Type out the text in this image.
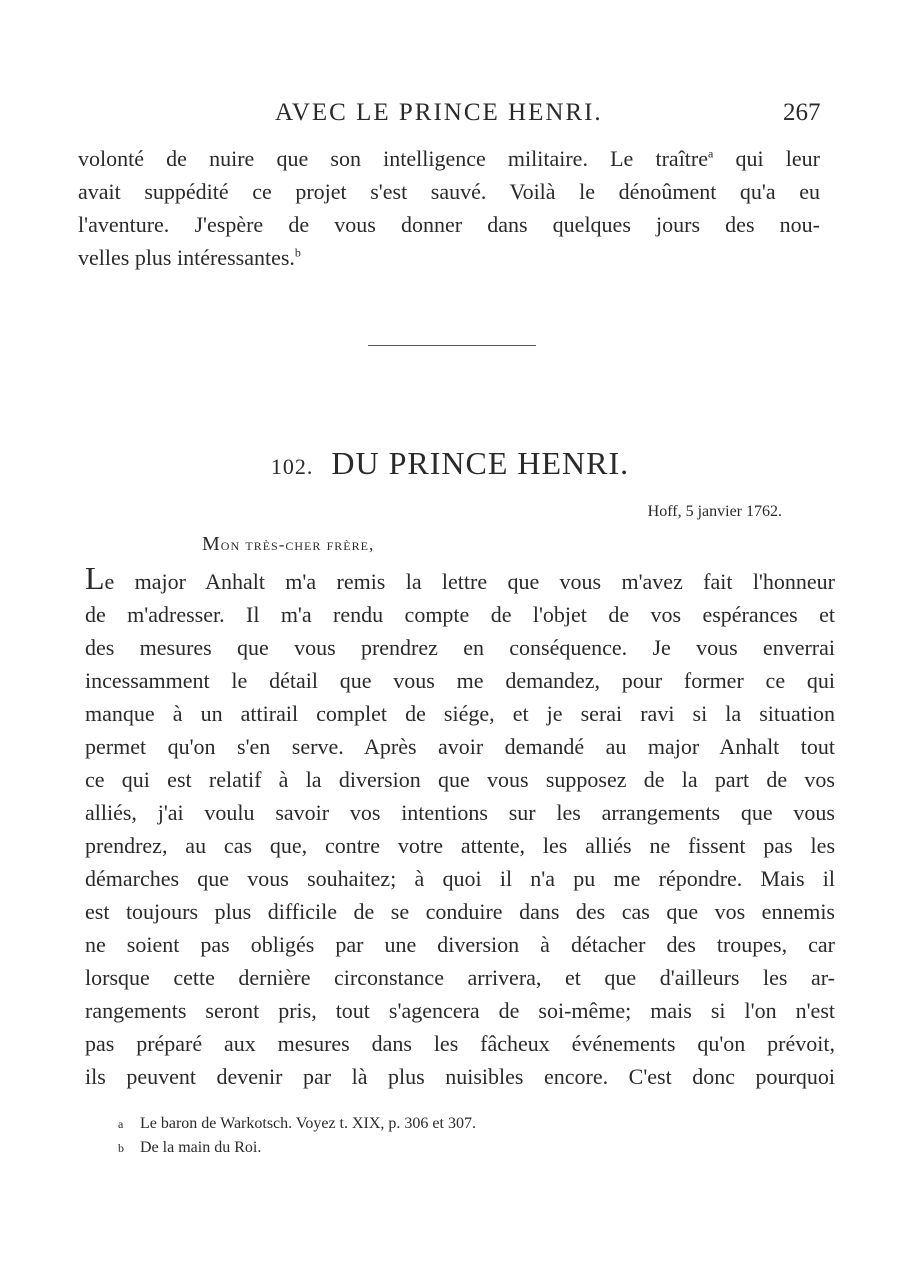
AVEC LE PRINCE HENRI.	267
volonté de nuire que son intelligence militaire. Le traître$^a$ qui leur
avait suppédité ce projet s'est sauvé. Voilà le dénoûment qu'a eu
l'aventure. J'espère de vous donner dans quelques jours des nou-
velles plus intéressantes.$^b$
102. DU PRINCE HENRI.
Hoff, 5 janvier 1762.
Mon très-cher frère,
Le major Anhalt m'a remis la lettre que vous m'avez fait l'honneur
de m'adresser. Il m'a rendu compte de l'objet de vos espérances et
des mesures que vous prendrez en conséquence. Je vous enverrai
incessamment le détail que vous me demandez, pour former ce qui
manque à un attirail complet de siége, et je serai ravi si la situation
permet qu'on s'en serve. Après avoir demandé au major Anhalt tout
ce qui est relatif à la diversion que vous supposez de la part de vos
alliés, j'ai voulu savoir vos intentions sur les arrangements que vous
prendrez, au cas que, contre votre attente, les alliés ne fissent pas les
démarches que vous souhaitez; à quoi il n'a pu me répondre. Mais il
est toujours plus difficile de se conduire dans des cas que vos ennemis
ne soient pas obligés par une diversion à détacher des troupes, car
lorsque cette dernière circonstance arrivera, et que d'ailleurs les ar-
rangements seront pris, tout s'agencera de soi-même; mais si l'on n'est
pas préparé aux mesures dans les fâcheux événements qu'on prévoit,
ils peuvent devenir par là plus nuisibles encore. C'est donc pourquoi
a Le baron de Warkotsch. Voyez t. XIX, p. 306 et 307.
b De la main du Roi.
